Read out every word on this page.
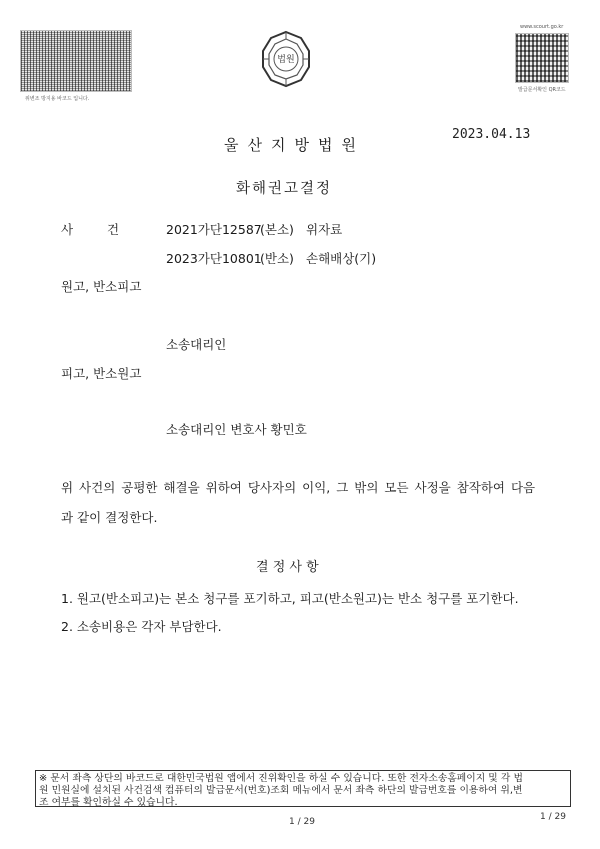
위변조 방지용 바코드 입니다.
법원
www.scourt.go.kr
발급문서확인 QR코드
울산지방법원
2023.04.13
화해권고결정
사 건	2021가단12587
(본소) 위자료
2023가단10801
(반소) 손해배상(기)
원고, 반소피고
소송대리인
피고, 반소원고
소송대리인 변호사 황민호
위 사건의 공평한 해결을 위하여 당사자의 이익, 그 밖의 모든 사정을 참작하여 다음
과 같이 결정한다.
결 정 사 항
1. 원고(반소피고)는 본소 청구를 포기하고, 피고(반소원고)는 반소 청구를 포기한다.
2. 소송비용은 각자 부담한다.
※ 문서 좌측 상단의 바코드로 대한민국법원 앱에서 진위확인을 하실 수 있습니다. 또한 전자소송홈페이지 및 각 법
원 민원실에 설치된 사건검색 컴퓨터의 발급문서(번호)조회 메뉴에서 문서 좌측 하단의 발급번호를 이용하여 위,변
조 여부를 확인하실 수 있습니다.
1 / 29	1 / 29
